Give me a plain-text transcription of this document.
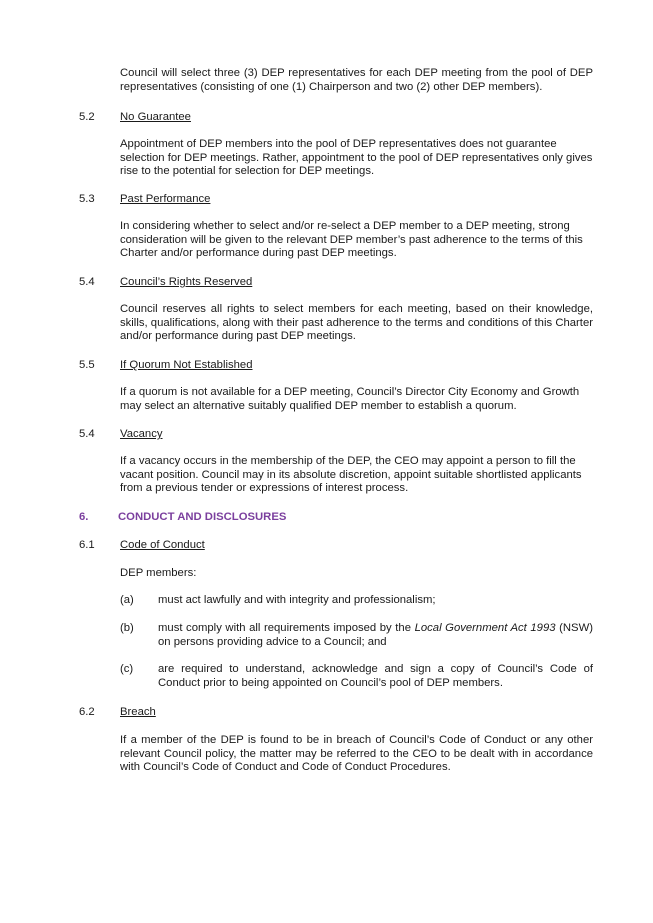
Council will select three (3) DEP representatives for each DEP meeting from the pool of DEP representatives (consisting of one (1) Chairperson and two (2) other DEP members).

5.2 No Guarantee

Appointment of DEP members into the pool of DEP representatives does not guarantee selection for DEP meetings. Rather, appointment to the pool of DEP representatives only gives rise to the potential for selection for DEP meetings.

5.3 Past Performance

In considering whether to select and/or re-select a DEP member to a DEP meeting, strong consideration will be given to the relevant DEP member’s past adherence to the terms of this Charter and/or performance during past DEP meetings.

5.4 Council’s Rights Reserved

Council reserves all rights to select members for each meeting, based on their knowledge, skills, qualifications, along with their past adherence to the terms and conditions of this Charter and/or performance during past DEP meetings.

5.5 If Quorum Not Established

If a quorum is not available for a DEP meeting, Council’s Director City Economy and Growth may select an alternative suitably qualified DEP member to establish a quorum.

5.4 Vacancy

If a vacancy occurs in the membership of the DEP, the CEO may appoint a person to fill the vacant position. Council may in its absolute discretion, appoint suitable shortlisted applicants from a previous tender or expressions of interest process.

6.	CONDUCT AND DISCLOSURES

6.1 Code of Conduct

DEP members:

(a) must act lawfully and with integrity and professionalism;

(b) must comply with all requirements imposed by the Local Government Act 1993 (NSW) on persons providing advice to a Council; and

(c) are required to understand, acknowledge and sign a copy of Council’s Code of Conduct prior to being appointed on Council’s pool of DEP members.

6.2 Breach

If a member of the DEP is found to be in breach of Council’s Code of Conduct or any other relevant Council policy, the matter may be referred to the CEO to be dealt with in accordance with Council’s Code of Conduct and Code of Conduct Procedures.
